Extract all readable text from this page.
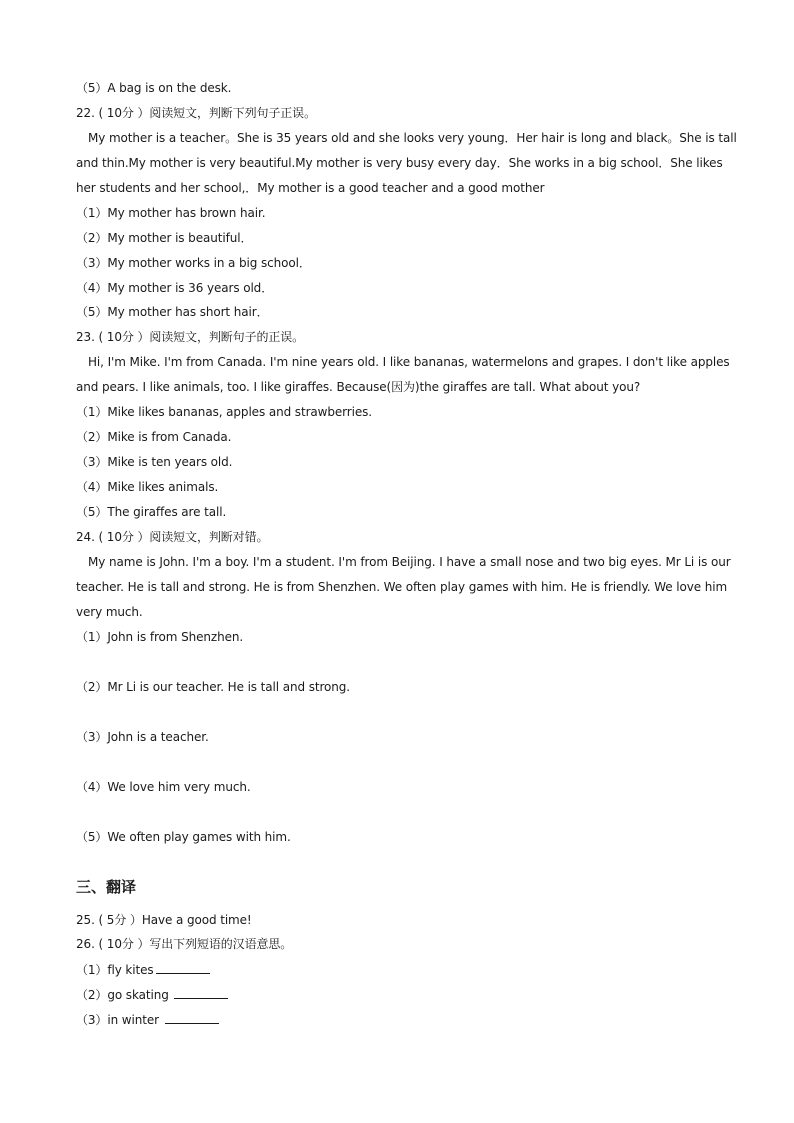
（5）A bag is on the desk.
22. ( 10分 ）阅读短文，判断下列句子正误。
My mother is a teacher。She is 35 years old and she looks very young．Her hair is long and black。She is tall
and thin.My mother is very beautiful.My mother is very busy every day．She works in a big school．She likes
her students and her school,．My mother is a good teacher and a good mother
（1）My mother has brown hair.
（2）My mother is beautiful．
（3）My mother works in a big school．
（4）My mother is 36 years old．
（5）My mother has short hair．
23. ( 10分 ）阅读短文，判断句子的正误。
Hi, I'm Mike. I'm from Canada. I'm nine years old. I like bananas, watermelons and grapes. I don't like apples
and pears. I like animals, too. I like giraffes. Because(因为)the giraffes are tall. What about you?
（1）Mike likes bananas, apples and strawberries.
（2）Mike is from Canada.
（3）Mike is ten years old.
（4）Mike likes animals.
（5）The giraffes are tall.
24. ( 10分 ）阅读短文，判断对错。
My name is John. I'm a boy. I'm a student. I'm from Beijing. I have a small nose and two big eyes. Mr Li is our
teacher. He is tall and strong. He is from Shenzhen. We often play games with him. He is friendly. We love him
very much.
（1）John is from Shenzhen.
（2）Mr Li is our teacher. He is tall and strong.
（3）John is a teacher.
（4）We love him very much.
（5）We often play games with him.
三、翻译
25. ( 5分 ）Have a good time!
26. ( 10分 ）写出下列短语的汉语意思。
（1）fly kites
（2）go skating
（3）in winter
